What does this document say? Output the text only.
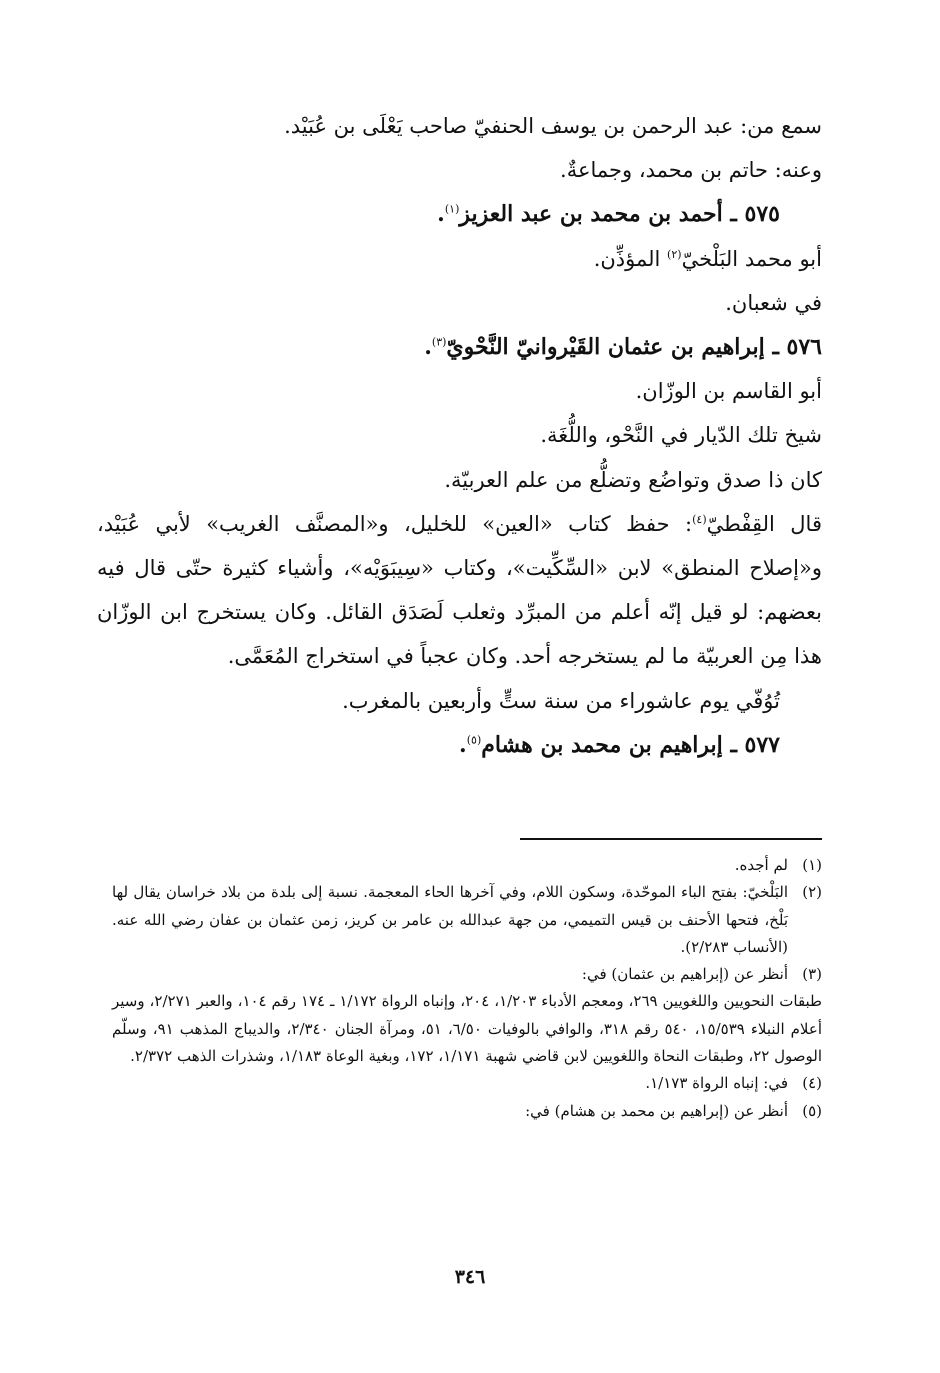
سمع من: عبد الرحمن بن يوسف الحنفيّ صاحب يَعْلَى بن عُبَيْد.
وعنه: حاتم بن محمد، وجماعةٌ.
٥٧٥ ـ أحمد بن محمد بن عبد العزيز$^{(١)}$.
أبو محمد البَلْخيّ$^{(٢)}$ المؤذِّن.
في شعبان.
٥٧٦ ـ إبراهيم بن عثمان القَيْروانيّ النَّحْويّ$^{(٣)}$.
أبو القاسم بن الوزّان.
شيخ تلك الدّيار في النَّحْو، واللُّغَة.
كان ذا صدق وتواضُع وتضلُّع من علم العربيّة.
قال القِفْطيّ$^{(٤)}$: حفظ كتاب «العين» للخليل، و«المصنَّف الغريب» لأبي عُبَيْد، و«إصلاح المنطق» لابن «السِّكِّيت»، وكتاب «سِيبَوَيْه»، وأشياء كثيرة حتّى قال فيه بعضهم: لو قيل إنّه أعلم من المبرِّد وثعلب لَصَدَق القائل. وكان يستخرج ابن الوزّان هذا مِن العربيّة ما لم يستخرجه أحد. وكان عجباً في استخراج المُعَمَّى.
تُوُفّي يوم عاشوراء من سنة ستٍّ وأربعين بالمغرب.
٥٧٧ ـ إبراهيم بن محمد بن هشام$^{(٥)}$.
(١)
لم أجده.
(٢)
البَلْخيّ: بفتح الباء الموحّدة، وسكون اللام، وفي آخرها الحاء المعجمة. نسبة إلى بلدة من بلاد خراسان يقال لها بَلْخ، فتحها الأحنف بن قيس التميمي، من جهة عبدالله بن عامر بن كريز، زمن عثمان بن عفان رضي الله عنه. (الأنساب ٢/٢٨٣).
(٣)
أنظر عن (إبراهيم بن عثمان) في:
طبقات النحويين واللغويين ٢٦٩، ومعجم الأدباء ١/٢٠٣، ٢٠٤، وإنباه الرواة ١/١٧٢ ـ ١٧٤ رقم ١٠٤، والعبر ٢/٢٧١، وسير أعلام النبلاء ١٥/٥٣٩، ٥٤٠ رقم ٣١٨، والوافي بالوفيات ٦/٥٠، ٥١، ومرآة الجنان ٢/٣٤٠، والديباج المذهب ٩١، وسلّم الوصول ٢٢، وطبقات النحاة واللغويين لابن قاضي شهبة ١/١٧١، ١٧٢، وبغية الوعاة ١/١٨٣، وشذرات الذهب ٢/٣٧٢.
(٤)
في: إنباه الرواة ١/١٧٣.
(٥)
أنظر عن (إبراهيم بن محمد بن هشام) في:
٣٤٦
